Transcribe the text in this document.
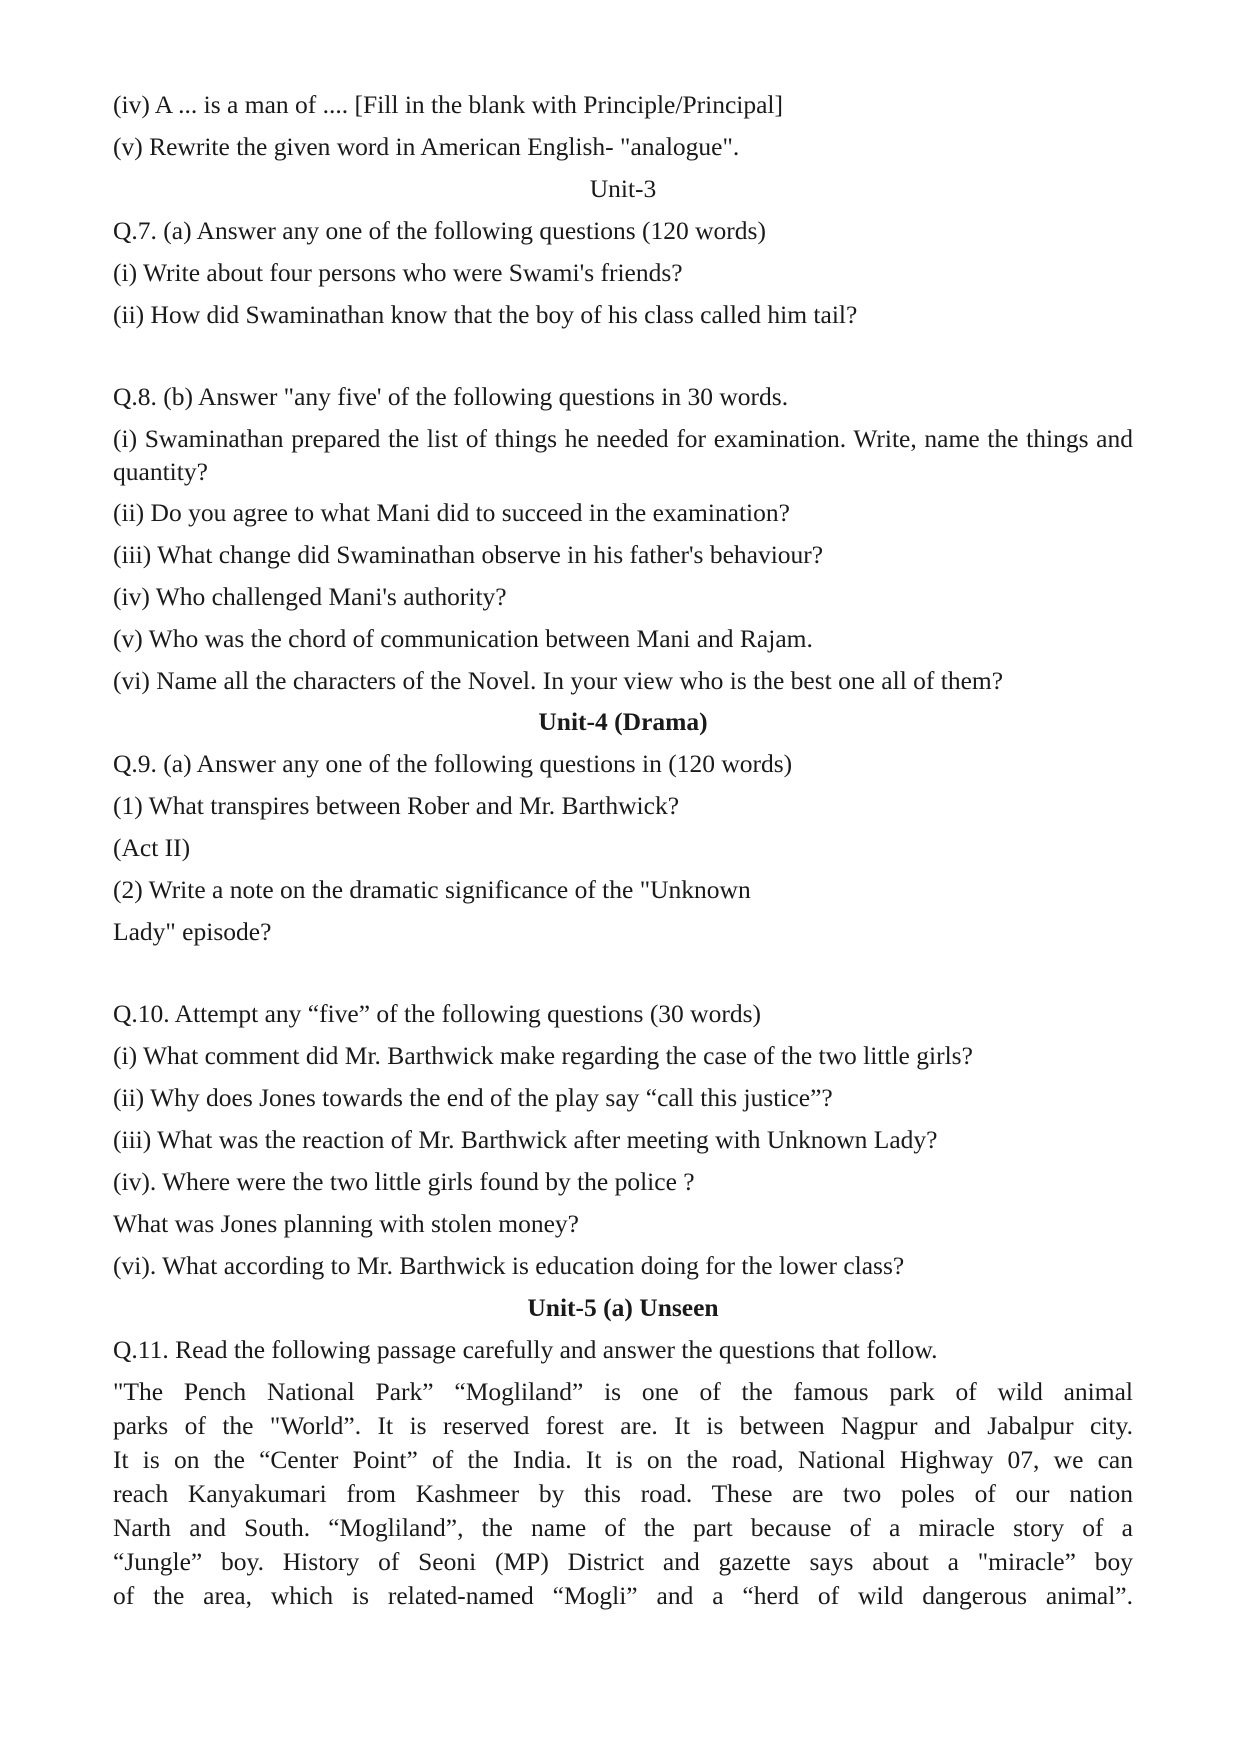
(iv) A ... is a man of .... [Fill in the blank with Principle/Principal]
(v) Rewrite the given word in American English- "analogue".
Unit-3
Q.7. (a) Answer any one of the following questions (120 words)
(i) Write about four persons who were Swami's friends?
(ii) How did Swaminathan know that the boy of his class called him tail?
Q.8. (b) Answer "any five' of the following questions in 30 words.
(i) Swaminathan prepared the list of things he needed for examination. Write, name the things and quantity?
(ii) Do you agree to what Mani did to succeed in the examination?
(iii) What change did Swaminathan observe in his father's behaviour?
(iv) Who challenged Mani's authority?
(v) Who was the chord of communication between Mani and Rajam.
(vi) Name all the characters of the Novel. In your view who is the best one all of them?
Unit-4 (Drama)
Q.9. (a) Answer any one of the following questions in (120 words)
(1) What transpires between Rober and Mr. Barthwick?
(Act II)
(2) Write a note on the dramatic significance of the "Unknown
Lady" episode?
Q.10. Attempt any “five” of the following questions (30 words)
(i) What comment did Mr. Barthwick make regarding the case of the two little girls?
(ii) Why does Jones towards the end of the play say “call this justice”?
(iii) What was the reaction of Mr. Barthwick after meeting with Unknown Lady?
(iv). Where were the two little girls found by the police ?
What was Jones planning with stolen money?
(vi). What according to Mr. Barthwick is education doing for the lower class?
Unit-5 (a) Unseen
Q.11. Read the following passage carefully and answer the questions that follow.
"The Pench National Park” “Mogliland” is one of the famous park of wild animal
parks of the "World”. It is reserved forest are. It is between Nagpur and Jabalpur city.
It is on the “Center Point” of the India. It is on the road, National Highway 07, we can
reach Kanyakumari from Kashmeer by this road. These are two poles of our nation
Narth and South. “Mogliland”, the name of the part because of a miracle story of a
“Jungle” boy. History of Seoni (MP) District and gazette says about a "miracle” boy
of the area, which is related-named “Mogli” and a “herd of wild dangerous animal”.
